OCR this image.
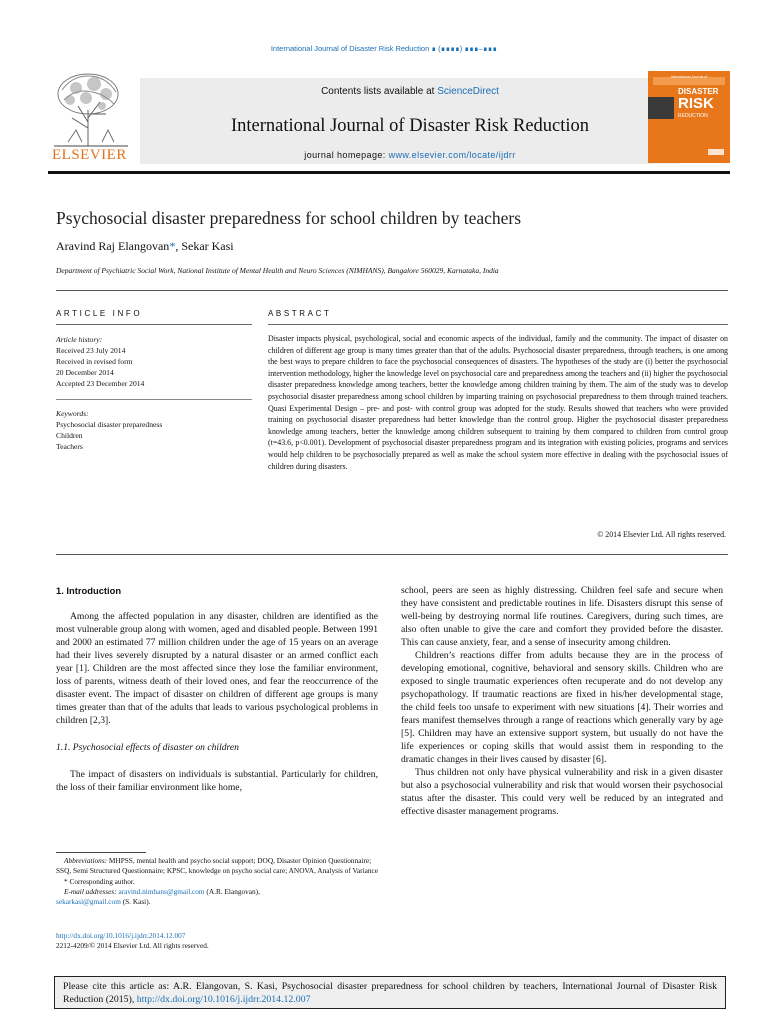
International Journal of Disaster Risk Reduction ∎ (∎∎∎∎) ∎∎∎–∎∎∎
ELSEVIER
Contents lists available at ScienceDirect
International Journal of Disaster Risk Reduction
journal homepage: www.elsevier.com/locate/ijdrr
International Journal of
DISASTER
RISK
REDUCTION
Psychosocial disaster preparedness for school children by teachers
Aravind Raj Elangovan*, Sekar Kasi
Department of Psychiatric Social Work, National Institute of Mental Health and Neuro Sciences (NIMHANS), Bangalore 560029, Karnataka, India
ARTICLE INFO	ABSTRACT
Article history:
Received 23 July 2014
Received in revised form
20 December 2014
Accepted 23 December 2014
Keywords:
Psychosocial disaster preparedness
Children
Teachers
Disaster impacts physical, psychological, social and economic aspects of the individual, family and the community. The impact of disaster on children of different age group is many times greater than that of the adults. Psychosocial disaster preparedness, through teachers, is one among the best ways to prepare children to face the psychosocial consequences of disasters. The hypotheses of the study are (i) better the psychosocial intervention methodology, higher the knowledge level on psychosocial care and preparedness among the teachers and (ii) higher the psychosocial disaster preparedness knowledge among teachers, better the knowledge among children training by them. The aim of the study was to develop psychosocial disaster preparedness among school children by imparting training on psychosocial preparedness to them through trained teachers. Quasi Experimental Design – pre- and post- with control group was adopted for the study. Results showed that teachers who were provided training on psychosocial disaster preparedness had better knowledge than the control group. Higher the psychosocial disaster preparedness knowledge among teachers, better the knowledge among children subsequent to training by them compared to children from control group (t=43.6, p<0.001). Development of psychosocial disaster preparedness program and its integration with existing policies, programs and services would help children to be psychosocially prepared as well as make the school system more effective in dealing with the psychosocial issues of children during disasters.
© 2014 Elsevier Ltd. All rights reserved.
1. Introduction

Among the affected population in any disaster, children are identified as the most vulnerable group along with women, aged and disabled people. Between 1991 and 2000 an estimated 77 million children under the age of 15 years on an average had their lives severely disrupted by a natural disaster or an armed conflict each year [1]. Children are the most affected since they lose the familiar environment, loss of parents, witness death of their loved ones, and fear the reoccurrence of the disaster event. The impact of disaster on children of different age groups is many times greater than that of the adults that leads to various psychological problems in children [2,3].

1.1. Psychosocial effects of disaster on children

The impact of disasters on individuals is substantial. Particularly for children, the loss of their familiar environment like home,

school, peers are seen as highly distressing. Children feel safe and secure when they have consistent and predictable routines in life. Disasters disrupt this sense of well-being by destroying normal life routines. Caregivers, during such times, are also often unable to give the care and comfort they provided before the disaster. This can cause anxiety, fear, and a sense of insecurity among children.

Children’s reactions differ from adults because they are in the process of developing emotional, cognitive, behavioral and sensory skills. Children who are exposed to single traumatic experiences often recuperate and do not develop any psychopathology. If traumatic reactions are fixed in his/her developmental stage, the child feels too unsafe to experiment with new situations [4]. Their worries and fears manifest themselves through a range of reactions which generally vary by age [5]. Children may have an extensive support system, but usually do not have the life experiences or coping skills that would assist them in responding to the dramatic changes in their lives caused by disaster [6].

Thus children not only have physical vulnerability and risk in a given disaster but also a psychosocial vulnerability and risk that would worsen their psychosocial status after the disaster. This could very well be reduced by an integrated and effective disaster management programs.

Abbreviations: MHPSS, mental health and psycho social support; DOQ, Disaster Opinion Questionnaire; SSQ, Semi Structured Questionnaire; KPSC, knowledge on psycho social care; ANOVA, Analysis of Variance
* Corresponding author.
E-mail addresses: aravind.nimhans@gmail.com (A.R. Elangovan),
sekarkasi@gmail.com (S. Kasi).
http://dx.doi.org/10.1016/j.ijdrr.2014.12.007
2212-4209/© 2014 Elsevier Ltd. All rights reserved.
Please cite this article as: A.R. Elangovan, S. Kasi, Psychosocial disaster preparedness for school children by teachers, International Journal of Disaster Risk Reduction (2015), http://dx.doi.org/10.1016/j.ijdrr.2014.12.007
